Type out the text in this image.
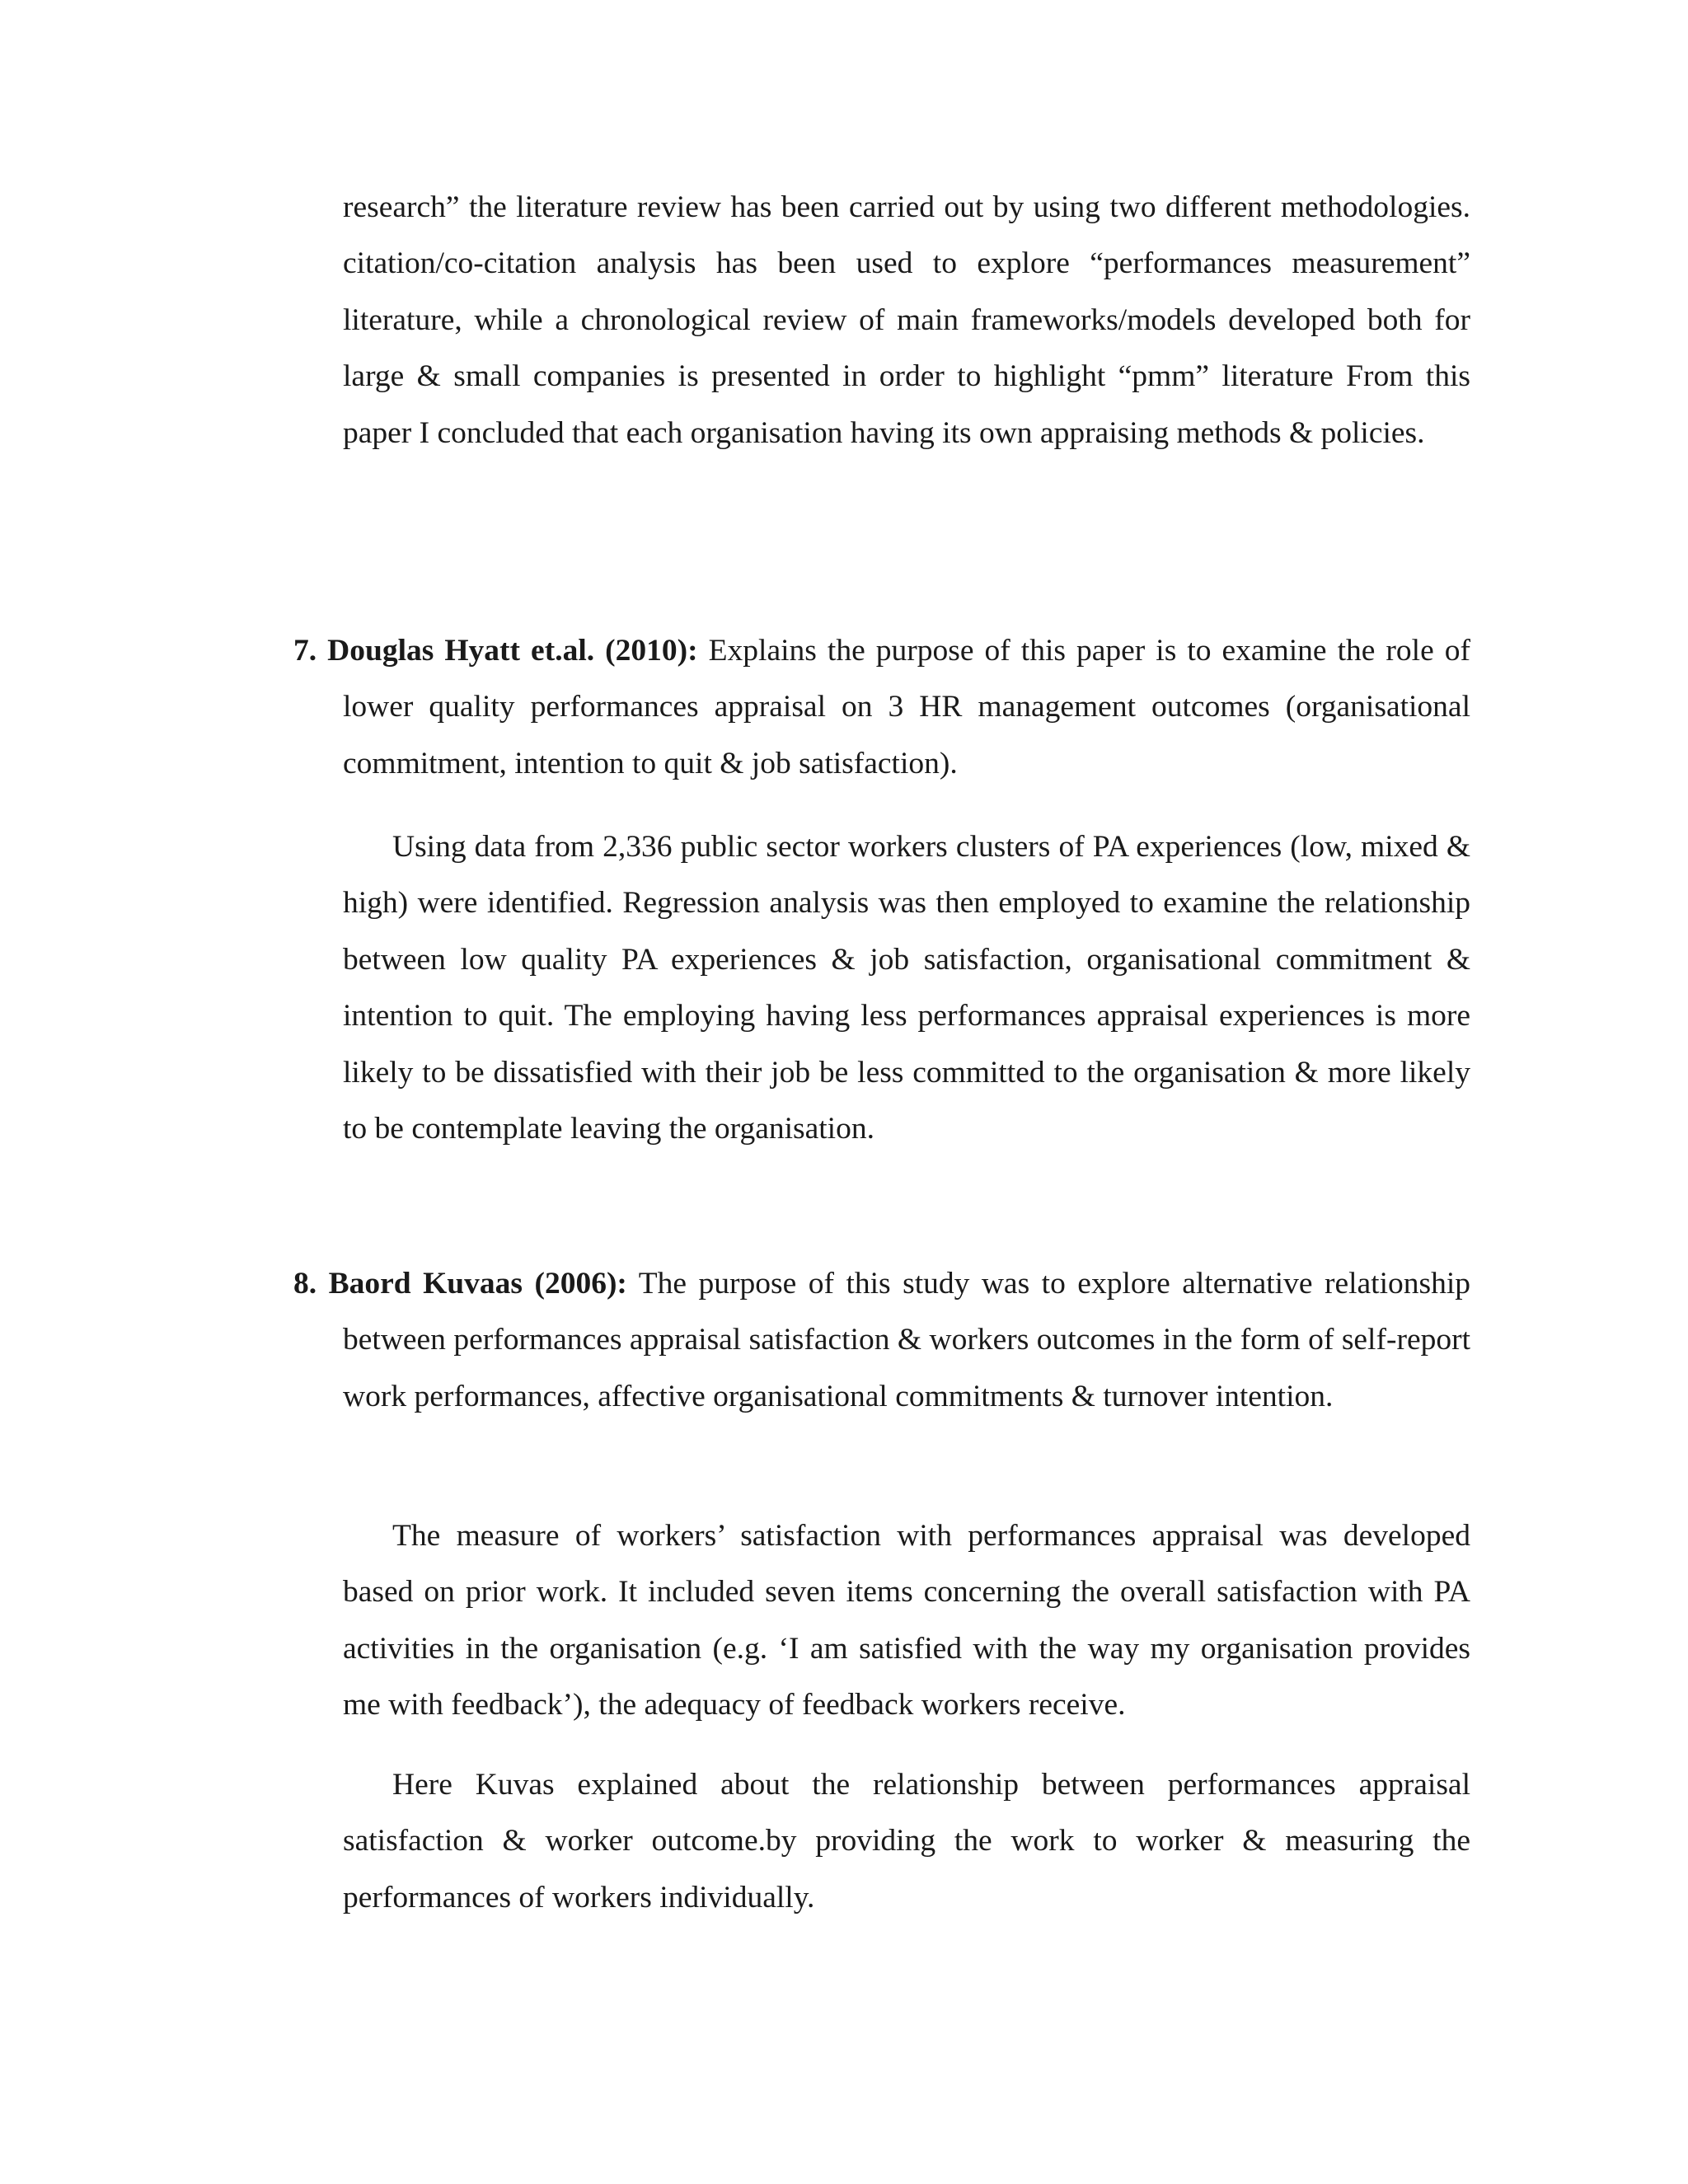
research” the literature review has been carried out by using two different methodologies. citation/co-citation analysis has been used to explore “performances measurement” literature, while a chronological review of main frameworks/models developed both for large & small companies is presented in order to highlight “pmm” literature From this paper I concluded that each organisation having its own appraising methods & policies.

7. Douglas Hyatt et.al. (2010): Explains the purpose of this paper is to examine the role of lower quality performances appraisal on 3 HR management outcomes (organisational commitment, intention to quit & job satisfaction).

Using data from 2,336 public sector workers clusters of PA experiences (low, mixed & high) were identified. Regression analysis was then employed to examine the relationship between low quality PA experiences & job satisfaction, organisational commitment & intention to quit. The employing having less performances appraisal experiences is more likely to be dissatisfied with their job be less committed to the organisation & more likely to be contemplate leaving the organisation.

8. Baord Kuvaas (2006): The purpose of this study was to explore alternative relationship between performances appraisal satisfaction & workers outcomes in the form of self-report work performances, affective organisational commitments & turnover intention.

The measure of workers’ satisfaction with performances appraisal was developed based on prior work. It included seven items concerning the overall satisfaction with PA activities in the organisation (e.g. ‘I am satisfied with the way my organisation provides me with feedback’), the adequacy of feedback workers receive.

Here Kuvas explained about the relationship between performances appraisal satisfaction & worker outcome.by providing the work to worker & measuring the performances of workers individually.
